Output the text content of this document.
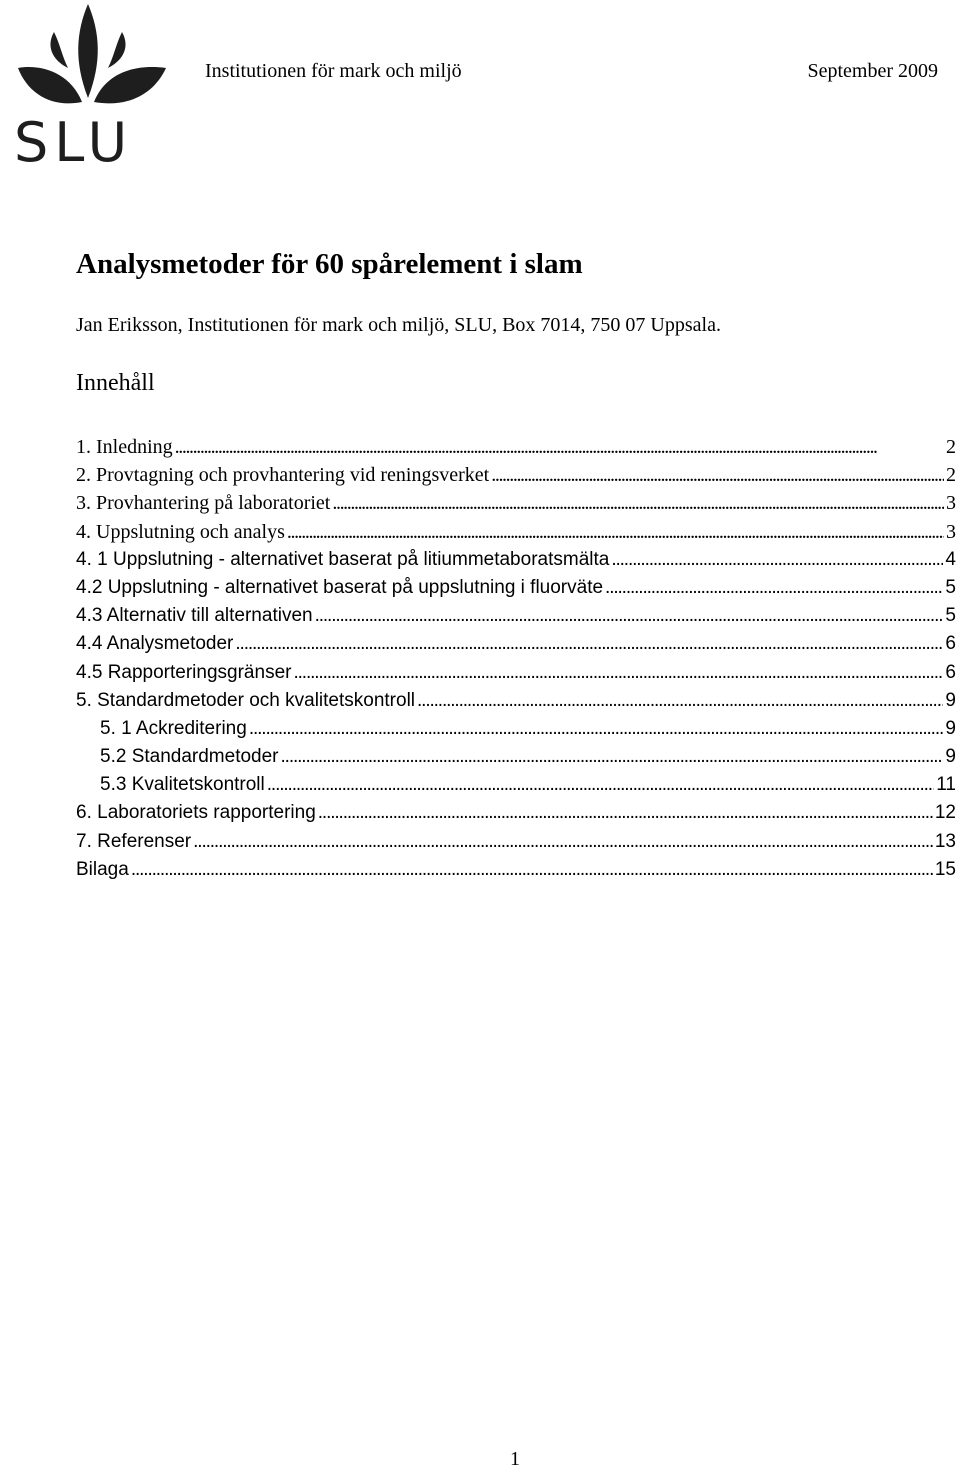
SLU
Institutionen för mark och miljö	September 2009
Analysmetoder för 60 spårelement i slam
Jan Eriksson, Institutionen för mark och miljö, SLU, Box 7014, 750 07 Uppsala.
Innehåll
1. Inledning . . .	2
2. Provtagning och provhantering vid reningsverket . . .	2
3. Provhantering på laboratoriet . . .	3
4. Uppslutning och analys . . .	3
4. 1 Uppslutning - alternativet baserat på litiummetaboratsmälta . . .	4
4.2 Uppslutning - alternativet baserat på uppslutning i fluorväte . . .	5
4.3 Alternativ till alternativen . . .	5
4.4 Analysmetoder . . .	6
4.5 Rapporteringsgränser . . .	6
5. Standardmetoder och kvalitetskontroll . . .	9
5. 1 Ackreditering . . .	9
5.2 Standardmetoder . . .	9
5.3 Kvalitetskontroll . . .	11
6. Laboratoriets rapportering . . .	12
7. Referenser . . .	13
Bilaga . . .	15
1
